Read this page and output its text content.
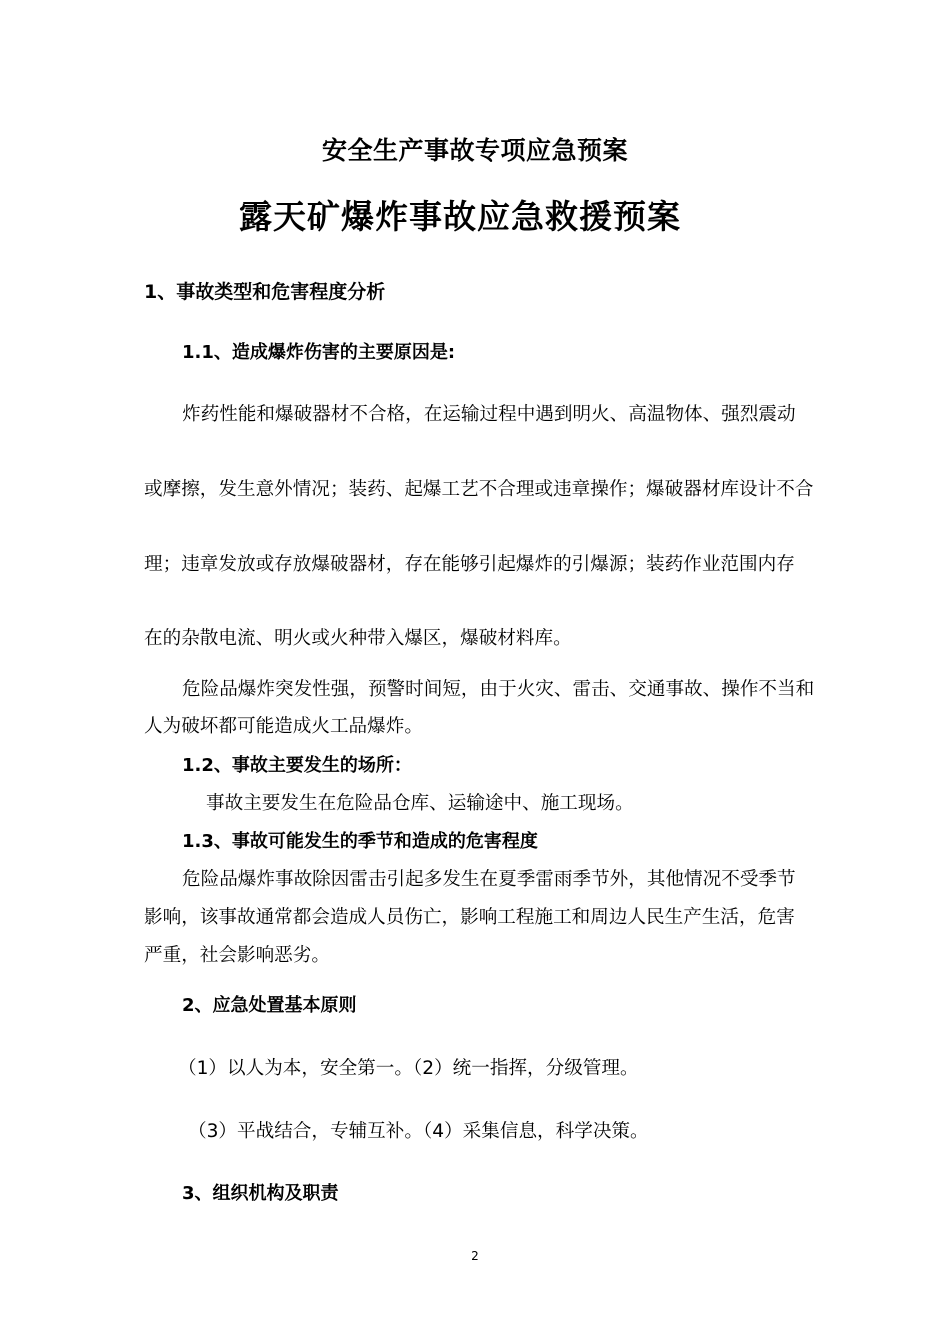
安全生产事故专项应急预案
露天矿爆炸事故应急救援预案
1、事故类型和危害程度分析
1.1、造成爆炸伤害的主要原因是:
炸药性能和爆破器材不合格，在运输过程中遇到明火、高温物体、强烈震动
或摩擦，发生意外情况；装药、起爆工艺不合理或违章操作；爆破器材库设计不合
理；违章发放或存放爆破器材，存在能够引起爆炸的引爆源；装药作业范围内存
在的杂散电流、明火或火种带入爆区，爆破材料库。
危险品爆炸突发性强，预警时间短，由于火灾、雷击、交通事故、操作不当和
人为破坏都可能造成火工品爆炸。
1.2、事故主要发生的场所：
事故主要发生在危险品仓库、运输途中、施工现场。
1.3、事故可能发生的季节和造成的危害程度
危险品爆炸事故除因雷击引起多发生在夏季雷雨季节外，其他情况不受季节
影响，该事故通常都会造成人员伤亡，影响工程施工和周边人民生产生活，危害
严重，社会影响恶劣。
2、应急处置基本原则
（1）以人为本，安全第一。（2）统一指挥，分级管理。
（3）平战结合，专辅互补。（4）采集信息，科学决策。
3、组织机构及职责
2
